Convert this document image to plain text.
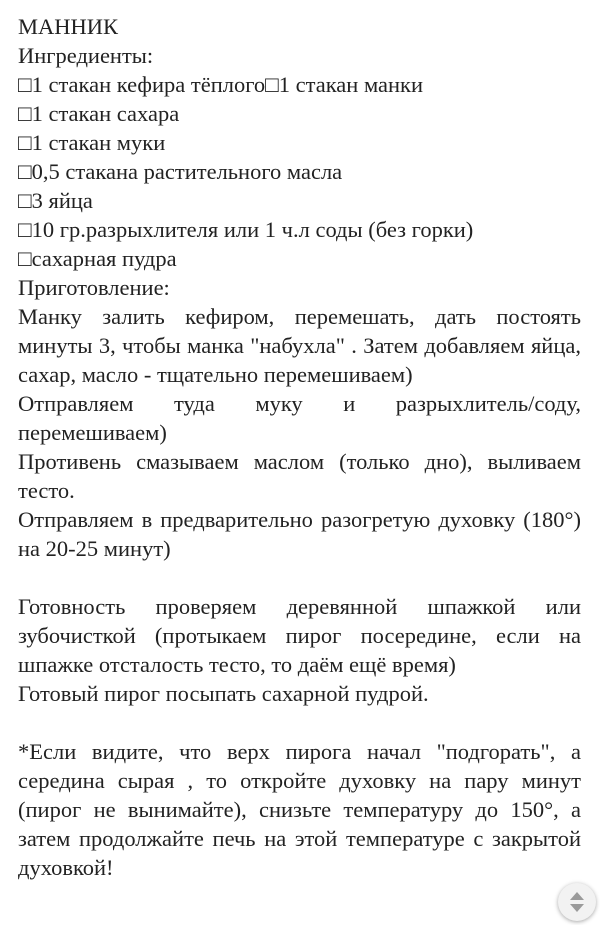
МАННИК
Ингредиенты:
□1 стакан кефира тёплого□1 стакан манки
□1 стакан сахара
□1 стакан муки
□0,5 стакана растительного масла
□3 яйца
□10 гр.разрыхлителя или 1 ч.л соды (без горки)
□сахарная пудра
Приготовление:
Манку залить кефиром, перемешать, дать постоять минуты 3, чтобы манка "набухла" . Затем добавляем яйца, сахар, масло - тщательно перемешиваем)
Отправляем туда муку и разрыхлитель/соду, перемешиваем)
Противень смазываем маслом (только дно), выливаем тесто.
Отправляем в предварительно разогретую духовку (180°) на 20-25 минут)
Готовность проверяем деревянной шпажкой или зубочисткой (протыкаем пирог посередине, если на шпажке отсталость тесто, то даём ещё время)
Готовый пирог посыпать сахарной пудрой.
*Если видите, что верх пирога начал "подгорать", а середина сырая , то откройте духовку на пару минут (пирог не вынимайте), снизьте температуру до 150°, а затем продолжайте печь на этой температуре с закрытой духовкой!
